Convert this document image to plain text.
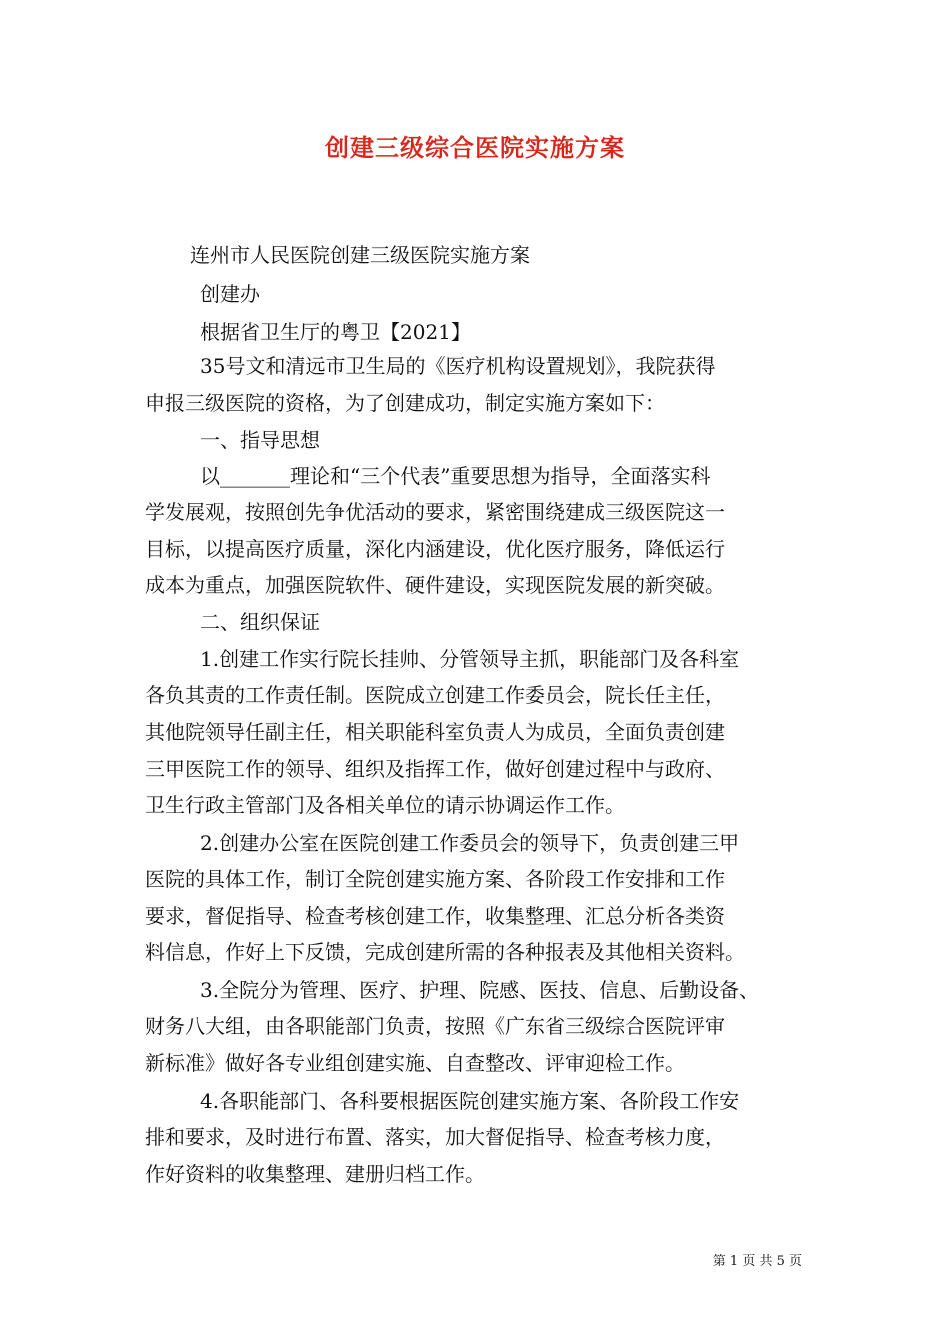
创建三级综合医院实施方案
连州市人民医院创建三级医院实施方案
创建办
根据省卫生厅的粤卫【2021】
35号文和清远市卫生局的《医疗机构设置规划》，我院获得
申报三级医院的资格，为了创建成功，制定实施方案如下：
一、指导思想
以_______理论和“三个代表”重要思想为指导，全面落实科
学发展观，按照创先争优活动的要求，紧密围绕建成三级医院这一
目标，以提高医疗质量，深化内涵建设，优化医疗服务，降低运行
成本为重点，加强医院软件、硬件建设，实现医院发展的新突破。
二、组织保证
1.创建工作实行院长挂帅、分管领导主抓，职能部门及各科室
各负其责的工作责任制。医院成立创建工作委员会，院长任主任，
其他院领导任副主任，相关职能科室负责人为成员，全面负责创建
三甲医院工作的领导、组织及指挥工作，做好创建过程中与政府、
卫生行政主管部门及各相关单位的请示协调运作工作。
2.创建办公室在医院创建工作委员会的领导下，负责创建三甲
医院的具体工作，制订全院创建实施方案、各阶段工作安排和工作
要求，督促指导、检查考核创建工作，收集整理、汇总分析各类资
料信息，作好上下反馈，完成创建所需的各种报表及其他相关资料。
3.全院分为管理、医疗、护理、院感、医技、信息、后勤设备、
财务八大组，由各职能部门负责，按照《广东省三级综合医院评审
新标准》做好各专业组创建实施、自查整改、评审迎检工作。
4.各职能部门、各科要根据医院创建实施方案、各阶段工作安
排和要求，及时进行布置、落实，加大督促指导、检查考核力度，
作好资料的收集整理、建册归档工作。
第 1 页 共 5 页
